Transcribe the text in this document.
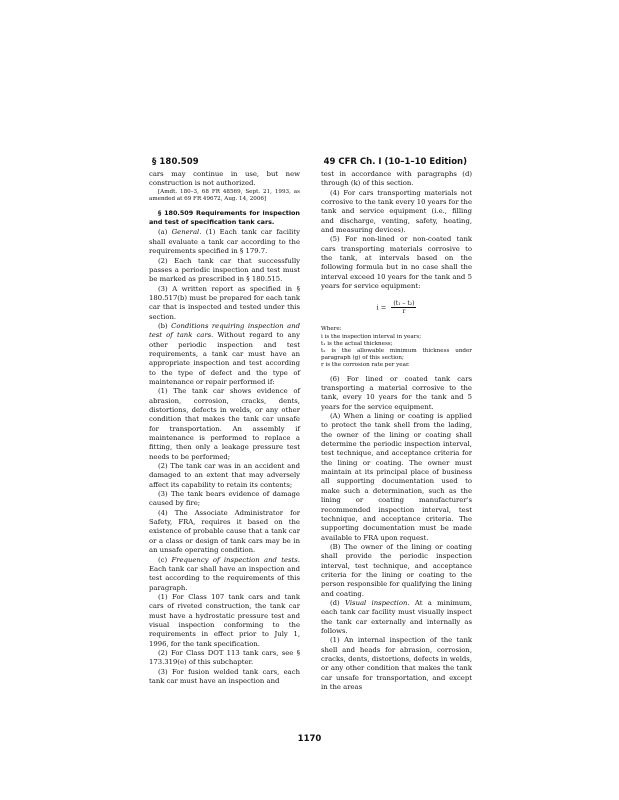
§ 180.509	49 CFR Ch. I (10–1–10 Edition)

cars may continue in use, but new construction is not authorized.

[Amdt. 180–3, 68 FR 48569, Sept. 21, 1993, as amended at 69 FR 49672, Aug. 14, 2006]

§ 180.509 Requirements for inspection and test of specification tank cars.

(a) General. (1) Each tank car facility shall evaluate a tank car according to the requirements specified in § 179.7.

(2) Each tank car that successfully passes a periodic inspection and test must be marked as prescribed in § 180.515.

(3) A written report as specified in § 180.517(b) must be prepared for each tank car that is inspected and tested under this section.

(b) Conditions requiring inspection and test of tank cars. Without regard to any other periodic inspection and test requirements, a tank car must have an appropriate inspection and test according to the type of defect and the type of maintenance or repair performed if:

(1) The tank car shows evidence of abrasion, corrosion, cracks, dents, distortions, defects in welds, or any other condition that makes the tank car unsafe for transportation. An assembly if maintenance is performed to replace a fitting, then only a leakage pressure test needs to be performed;

(2) The tank car was in an accident and damaged to an extent that may adversely affect its capability to retain its contents;

(3) The tank bears evidence of damage caused by fire;

(4) The Associate Administrator for Safety, FRA, requires it based on the existence of probable cause that a tank car or a class or design of tank cars may be in an unsafe operating condition.

(c) Frequency of inspection and tests. Each tank car shall have an inspection and test according to the requirements of this paragraph.

(1) For Class 107 tank cars and tank cars of riveted construction, the tank car must have a hydrostatic pressure test and visual inspection conforming to the requirements in effect prior to July 1, 1996, for the tank specification.

(2) For Class DOT 113 tank cars, see § 173.319(e) of this subchapter.

(3) For fusion welded tank cars, each tank car must have an inspection and

test in accordance with paragraphs (d) through (k) of this section.

(4) For cars transporting materials not corrosive to the tank every 10 years for the tank and service equipment (i.e., filling and discharge, venting, safety, heating, and measuring devices).

(5) For non-lined or non-coated tank cars transporting materials corrosive to the tank, at intervals based on the following formula but in no case shall the interval exceed 10 years for the tank and 5 years for service equipment:

$i = \frac{\text{(t₁ – t₂)}}{r}$

Where:

i is the inspection interval in years;

t₁ is the actual thickness;

t₂ is the allowable minimum thickness under paragraph (g) of this section;

r is the corrosion rate per year.

(6) For lined or coated tank cars transporting a material corrosive to the tank, every 10 years for the tank and 5 years for the service equipment.

(A) When a lining or coating is applied to protect the tank shell from the lading, the owner of the lining or coating shall determine the periodic inspection interval, test technique, and acceptance criteria for the lining or coating. The owner must maintain at its principal place of business all supporting documentation used to make such a determination, such as the lining or coating manufacturer's recommended inspection interval, test technique, and acceptance criteria. The supporting documentation must be made available to FRA upon request.

(B) The owner of the lining or coating shall provide the periodic inspection interval, test technique, and acceptance criteria for the lining or coating to the person responsible for qualifying the lining and coating.

(d) Visual inspection. At a minimum, each tank car facility must visually inspect the tank car externally and internally as follows.

(1) An internal inspection of the tank shell and heads for abrasion, corrosion, cracks, dents, distortions, defects in welds, or any other condition that makes the tank car unsafe for transportation, and except in the areas

1170
